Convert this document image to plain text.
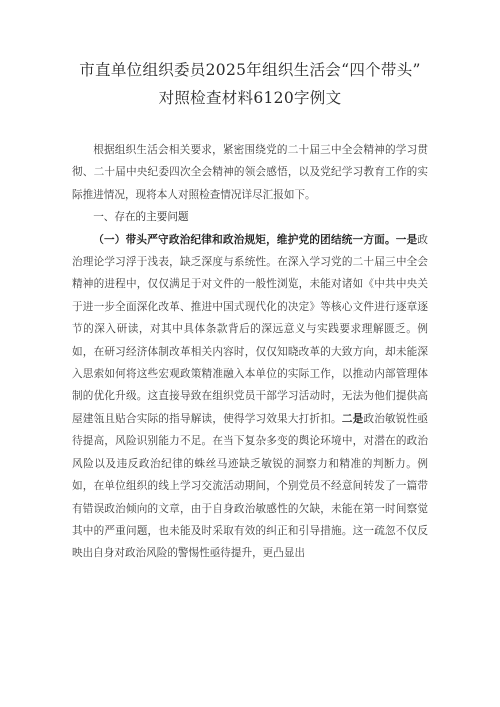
市直单位组织委员2025年组织生活会“四个带头”
对照检查材料6120字例文

根据组织生活会相关要求，紧密围绕党的二十届三中全会精神的学习贯彻、二十届中央纪委四次全会精神的领会感悟，以及党纪学习教育工作的实际推进情况，现将本人对照检查情况详尽汇报如下。

一、存在的主要问题

（一）带头严守政治纪律和政治规矩，维护党的团结统一方面。一是政治理论学习浮于浅表，缺乏深度与系统性。在深入学习党的二十届三中全会精神的进程中，仅仅满足于对文件的一般性浏览，未能对诸如《中共中央关于进一步全面深化改革、推进中国式现代化的决定》等核心文件进行逐章逐节的深入研读，对其中具体条款背后的深远意义与实践要求理解匮乏。例如，在研习经济体制改革相关内容时，仅仅知晓改革的大致方向，却未能深入思索如何将这些宏观政策精准融入本单位的实际工作，以推动内部管理体制的优化升级。这直接导致在组织党员干部学习活动时，无法为他们提供高屋建瓴且贴合实际的指导解读，使得学习效果大打折扣。二是政治敏锐性亟待提高，风险识别能力不足。在当下复杂多变的舆论环境中，对潜在的政治风险以及违反政治纪律的蛛丝马迹缺乏敏锐的洞察力和精准的判断力。例如，在单位组织的线上学习交流活动期间，个别党员不经意间转发了一篇带有错误政治倾向的文章，由于自身政治敏感性的欠缺，未能在第一时间察觉其中的严重问题，也未能及时采取有效的纠正和引导措施。这一疏忽不仅反映出自身对政治风险的警惕性亟待提升，更凸显出
